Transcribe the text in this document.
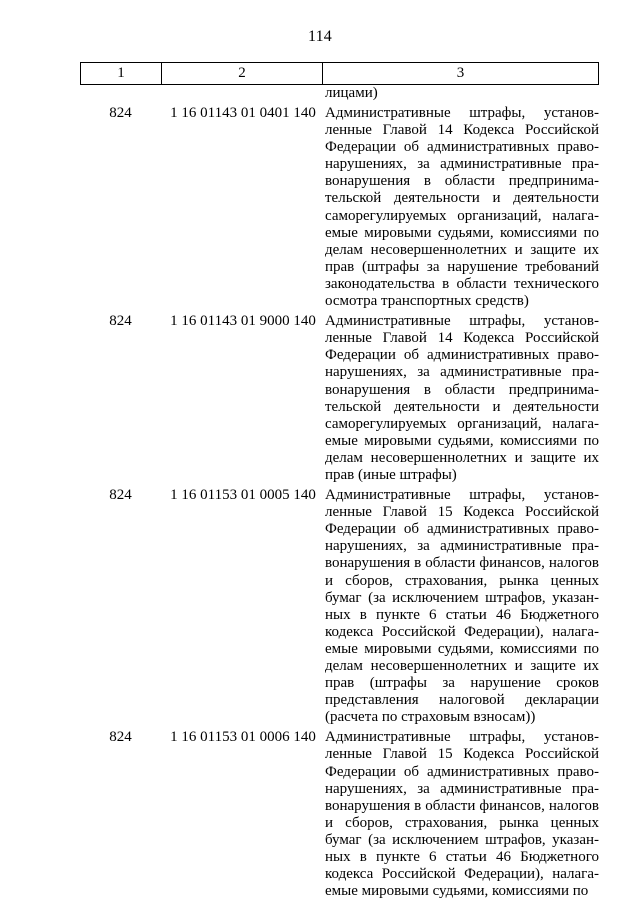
114
1	2	3
лицами)
824	1 16 01143 01 0401 140 Административные штрафы, установленные Главой 14 Кодекса Российской Федерации об административных правонарушениях, за административные правонарушения в области предпринимательской деятельности и деятельности саморегулируемых организаций, налагаемые мировыми судьями, комиссиями по делам несовершеннолетних и защите их прав (штрафы за нарушение требований законодательства в области технического осмотра транспортных средств)
824	1 16 01143 01 9000 140 Административные штрафы, установленные Главой 14 Кодекса Российской Федерации об административных правонарушениях, за административные правонарушения в области предпринимательской деятельности и деятельности саморегулируемых организаций, налагаемые мировыми судьями, комиссиями по делам несовершеннолетних и защите их прав (иные штрафы)
824	1 16 01153 01 0005 140 Административные штрафы, установленные Главой 15 Кодекса Российской Федерации об административных правонарушениях, за административные правонарушения в области финансов, налогов и сборов, страхования, рынка ценных бумаг (за исключением штрафов, указанных в пункте 6 статьи 46 Бюджетного кодекса Российской Федерации), налагаемые мировыми судьями, комиссиями по делам несовершеннолетних и защите их прав (штрафы за нарушение сроков представления налоговой декларации (расчета по страховым взносам))
824	1 16 01153 01 0006 140 Административные штрафы, установленные Главой 15 Кодекса Российской Федерации об административных правонарушениях, за административные правонарушения в области финансов, налогов и сборов, страхования, рынка ценных бумаг (за исключением штрафов, указанных в пункте 6 статьи 46 Бюджетного кодекса Российской Федерации), налагаемые мировыми судьями, комиссиями по
